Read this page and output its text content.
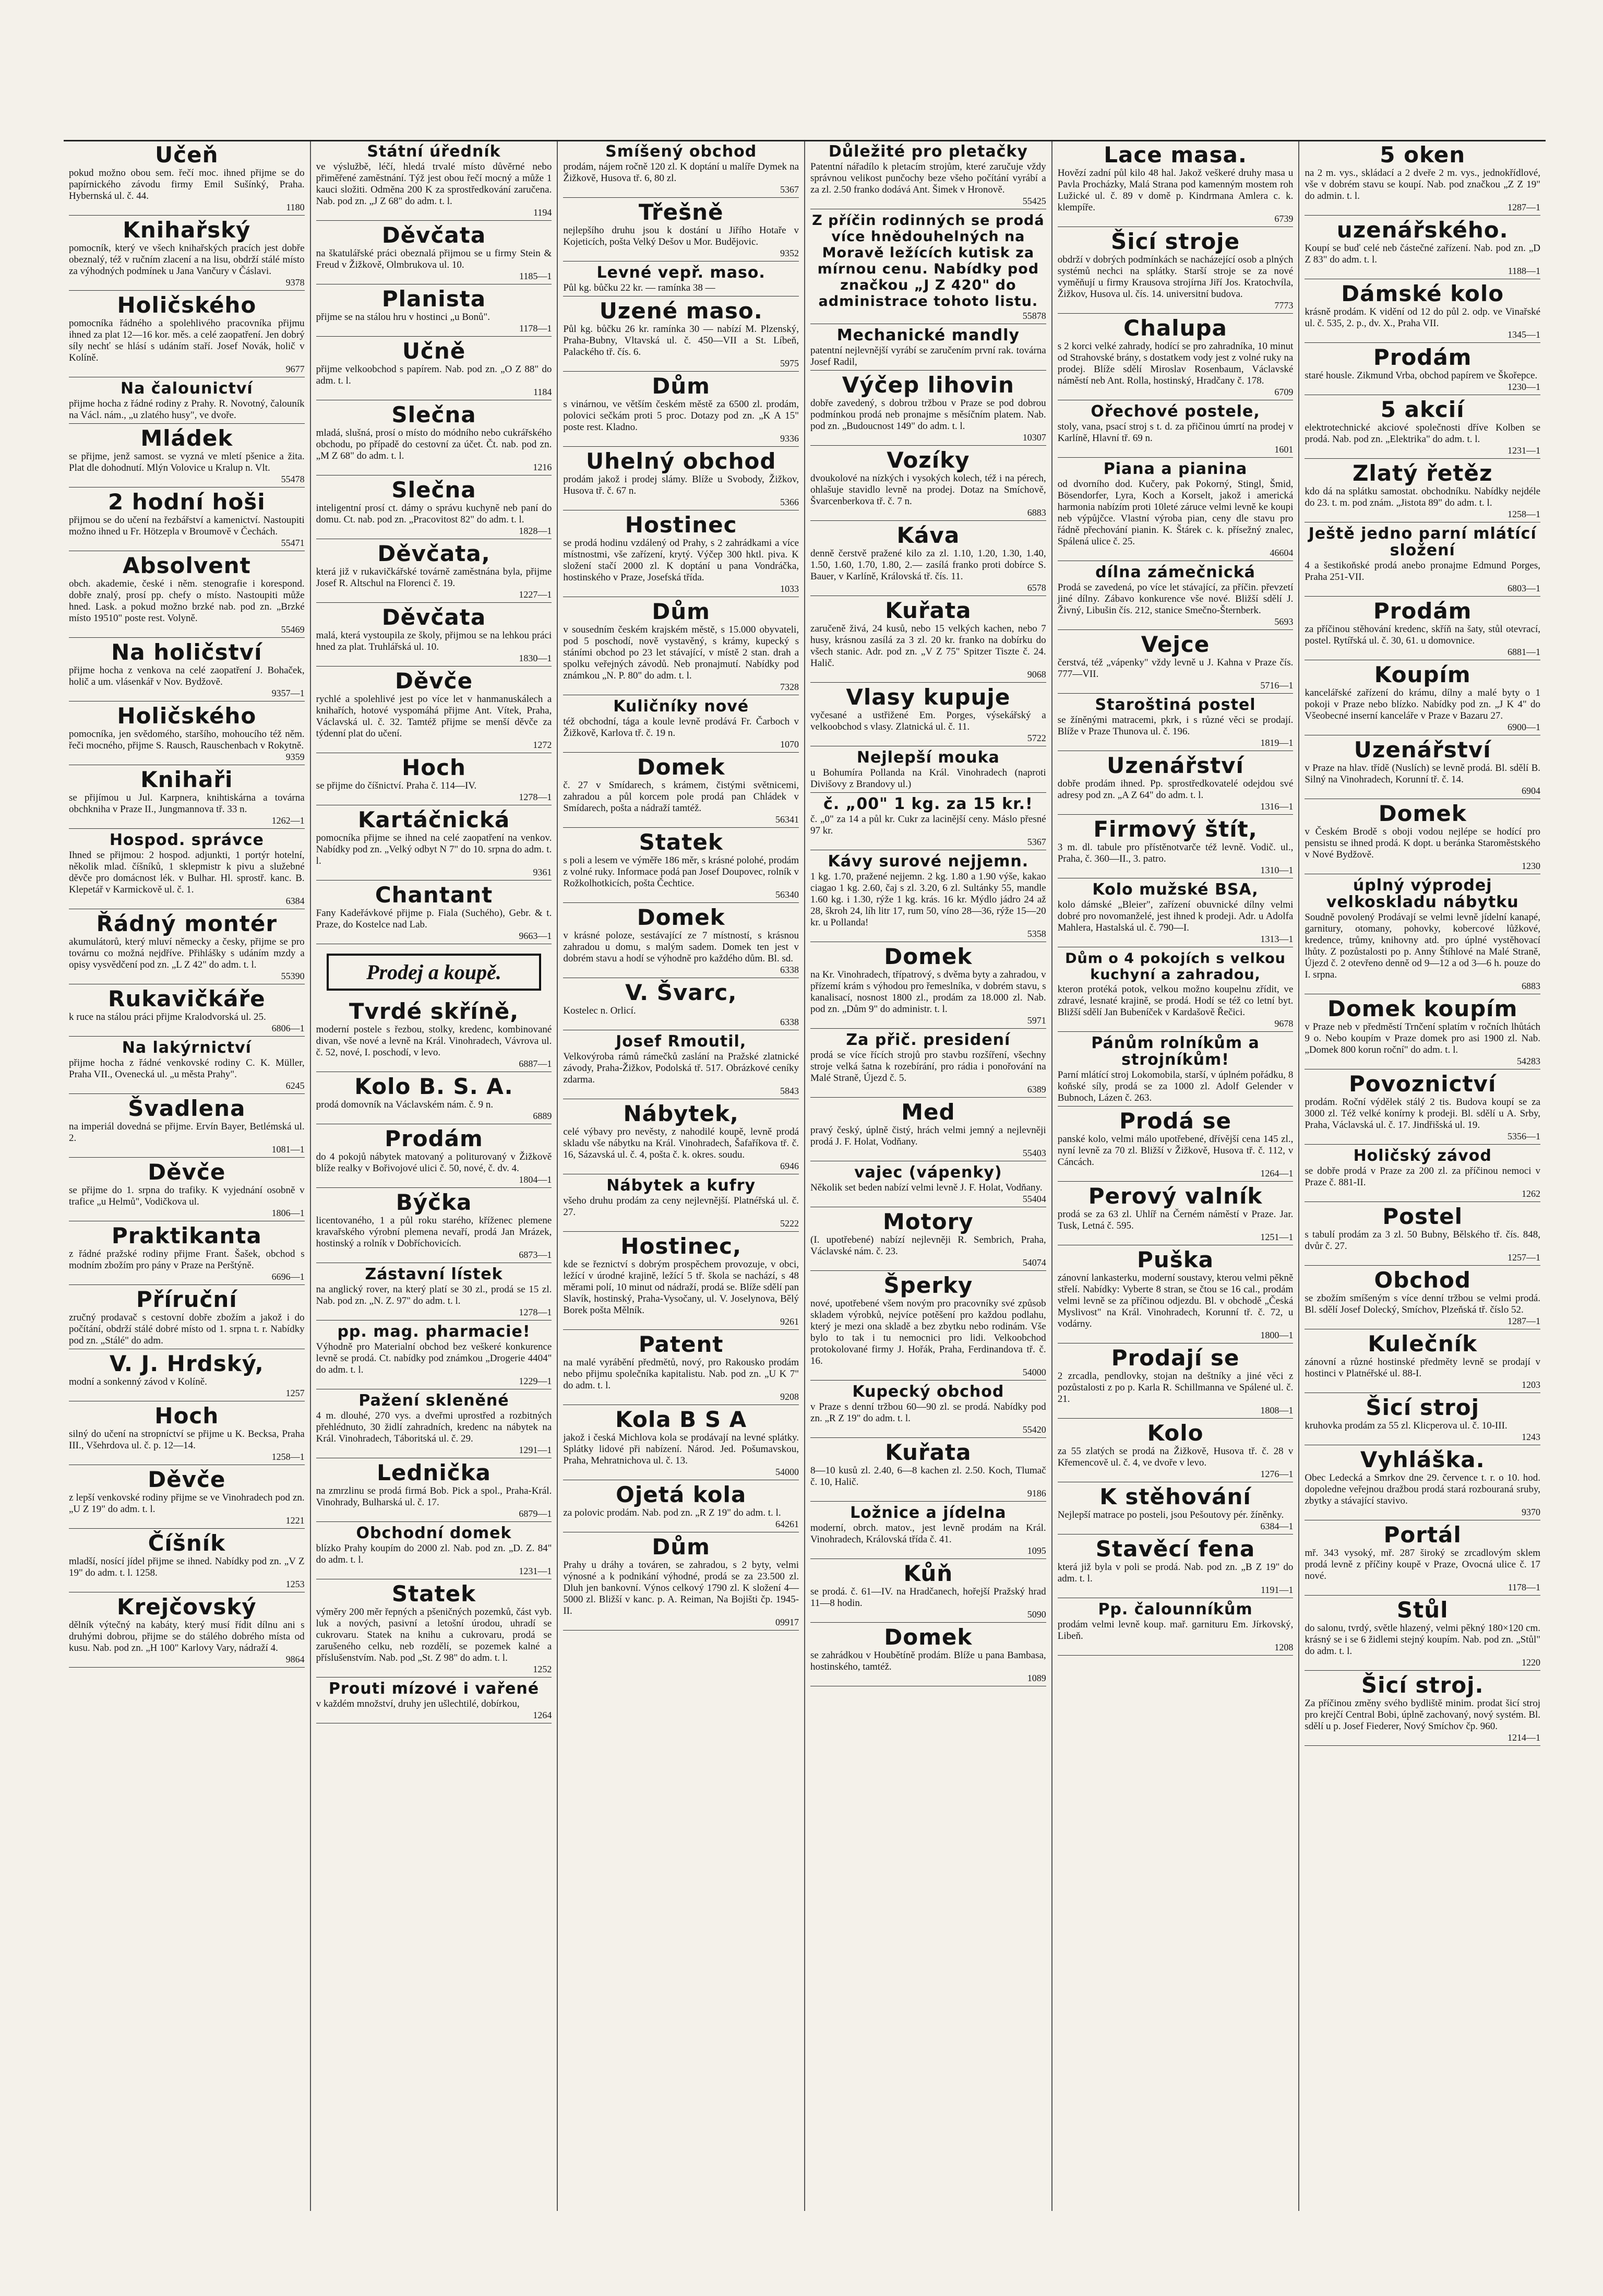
Učeň
pokud možno obou sem. řečí moc. ihned přijme se do papírnického závodu firmy Emil Sušínký, Praha. Hybernská ul. č. 44.
1180
Knihařský
pomocník, který ve všech knihařských pracích jest dobře obeznalý, též v ručním zlacení a na lisu, obdrží stálé místo za výhodných podmínek u Jana Vančury v Čáslavi.
9378
Holičského
pomocníka řádného a spolehlivého pracovníka přijmu ihned za plat 12—16 kor. měs. a celé zaopatření. Jen dobrý síly nechť se hlásí s udáním staří. Josef Novák, holič v Kolíně.
9677
Na čalounictví
přijme hocha z řádné rodiny z Prahy. R. Novotný, čalouník na Václ. nám., „u zlatého husy", ve dvoře.
Mládek
se přijme, jenž samost. se vyzná ve mletí pšenice a žita. Plat dle dohodnutí. Mlýn Volovice u Kralup n. Vlt.
55478
2 hodní hoši
přijmou se do učení na řezbářství a kamenictví. Nastoupiti možno ihned u Fr. Hötzepla v Broumově v Čechách.
55471
Absolvent
obch. akademie, české i něm. stenografie i korespond. dobře znalý, prosí pp. chefy o místo. Nastoupiti může hned. Lask. a pokud možno brzké nab. pod zn. „Brzké místo 19510" poste rest. Volyně.
55469
Na holičství
přijme hocha z venkova na celé zaopatření J. Bohaček, holič a um. vlásenkář v Nov. Bydžově.
9357—1
Holičského
pomocníka, jen svědomého, staršího, mohoucího též něm. řeči mocného, přijme S. Rausch, Rauschenbach v Rokytně.
9359
Knihaři
se přijímou u Jul. Karpnera, knihtiskárna a továrna obchkniha v Praze II., Jungmannova tř. 33 n.
1262—1
Hospod. správce
Ihned se přijmou: 2 hospod. adjunkti, 1 portýr hotelní, několik mlad. číšníků, 1 sklepmistr k pivu a služebné děvče pro domácnost lék. v Bulhar. Hl. sprostř. kanc. B. Klepetář v Karmickově ul. č. 1.
6384
Řádný montér
akumulátorů, který mluví německy a česky, přijme se pro továrnu co možná nejdříve. Přihlášky s udáním mzdy a opisy vysvědčení pod zn. „L Z 42" do adm. t. l.
55390
Rukavičkáře
k ruce na stálou práci přijme Kralodvorská ul. 25.
6806—1
Na lakýrnictví
přijme hocha z řádné venkovské rodiny C. K. Müller, Praha VII., Ovenecká ul. „u města Prahy".
6245
Švadlena
na imperiál dovedná se přijme. Ervín Bayer, Betlémská ul. 2.
1081—1
Děvče
se přijme do 1. srpna do trafiky. K vyjednání osobně v trafice „u Helmů", Vodičkova ul.
1806—1
Praktikanta
z řádné pražské rodiny přijme Frant. Šašek, obchod s modním zbožím pro pány v Praze na Perštýně.
6696—1
Příruční
zručný prodavač s cestovní dobře zbožím a jakož i do počítání, obdrží stálé dobré místo od 1. srpna t. r. Nabídky pod zn. „Stálé" do adm.
V. J. Hrdský,
modní a sonkenný závod v Kolíně.
1257
Hoch
silný do učení na stropníctví se přijme u K. Becksa, Praha III., Všehrdova ul. č. p. 12—14.
1258—1
Děvče
z lepší venkovské rodiny přijme se ve Vinohradech pod zn. „U Z 19" do adm. t. l.
1221
Číšník
mladší, nosící jídel přijme se ihned. Nabídky pod zn. „V Z 19" do adm. t. l. 1258.
1253
Krejčovský
dělník výtečný na kabáty, který musí řídit dílnu ani s druhými dobrou, přijme se do stálého dobrého místa od kusu. Nab. pod zn. „H 100" Karlovy Vary, nádraží 4.
9864
Státní úředník
ve výslužbě, léčí, hledá trvalé místo důvěrné nebo přiměřené zaměstnání. Týž jest obou řečí mocný a může 1 kauci složiti. Odměna 200 K za sprostředkování zaručena. Nab. pod zn. „J Z 68" do adm. t. l.
1194
Děvčata
na škatulářské práci obeznalá přijmou se u firmy Stein & Freud v Žižkově, Olmbrukova ul. 10.
1185—1
Planista
přijme se na stálou hru v hostinci „u Bonů".
1178—1
Učně
přijme velkoobchod s papírem. Nab. pod zn. „O Z 88" do adm. t. l.
1184
Slečna
mladá, slušná, prosí o místo do módního nebo cukrářského obchodu, po případě do cestovní za účet. Čt. nab. pod zn. „M Z 68" do adm. t. l.
1216
Slečna
inteligentní prosí ct. dámy o správu kuchyně neb paní do domu. Ct. nab. pod zn. „Pracovitost 82" do adm. t. l.
1828—1
Děvčata,
která již v rukavičkářské továrně zaměstnána byla, přijme Josef R. Altschul na Florenci č. 19.
1227—1
Děvčata
malá, která vystoupila ze školy, přijmou se na lehkou práci hned za plat. Truhlářská ul. 10.
1830—1
Děvče
rychlé a spolehlivé jest po více let v hanmanuskálech a knihařích, hotové vyspomáhá přijme Ant. Vítek, Praha, Václavská ul. č. 32. Tamtéž přijme se menší děvče za týdenní plat do učení.
1272
Hoch
se přijme do číšnictví. Praha č. 114—IV.
1278—1
Kartáčnická
pomocníka přijme se ihned na celé zaopatření na venkov. Nabídky pod zn. „Velký odbyt N 7" do 10. srpna do adm. t. l.
9361
Chantant
Fany Kadeřávkové přijme p. Fiala (Suchého), Gebr. & t. Praze, do Kostelce nad Lab.
9663—1
Prodej a koupě.
Tvrdé skříně,
moderní postele s řezbou, stolky, kredenc, kombinované divan, vše nové a levně na Král. Vinohradech, Vávrova ul. č. 52, nové, I. poschodí, v levo.
6887—1
Kolo B. S. A.
prodá domovník na Václavském nám. č. 9 n.
6889
Prodám
do 4 pokojů nábytek matovaný a politurovaný v Žižkově blíže realky v Bořivojové ulici č. 50, nové, č. dv. 4.
1804—1
Býčka
licentovaného, 1 a půl roku starého, kříženec plemene kravařského výrobní plemena nevaří, prodá Jan Mrázek, hostinský a rolník v Dobříchovicích.
6873—1
Zástavní lístek
na anglický rover, na který platí se 30 zl., prodá se 15 zl. Nab. pod zn. „N. Z. 97" do adm. t. l.
1278—1
pp. mag. pharmacie!
Výhodně pro Materialní obchod bez veškeré konkurence levně se prodá. Ct. nabídky pod známkou „Drogerie 4404" do adm. t. l.
1229—1
Pažení skleněné
4 m. dlouhé, 270 vys. a dveřmi uprostřed a rozbitných přehlédnuto, 30 židlí zahradních, kredenc na nábytek na Král. Vinohradech, Táboritská ul. č. 29.
1291—1
Lednička
na zmrzlinu se prodá firmá Bob. Pick a spol., Praha-Král. Vinohrady, Bulharská ul. č. 17.
6879—1
Obchodní domek
blízko Prahy koupím do 2000 zl. Nab. pod zn. „D. Z. 84" do adm. t. l.
1231—1
Statek
výměry 200 měr řepných a pšeničných pozemků, část vyb. luk a nových, pasivní a letošní úrodou, uhradí se cukrovaru. Statek na knihu a cukrovaru, prodá se zarušeného celku, neb rozdělí, se pozemek kalné a příslušenstvím. Nab. pod „St. Z 98" do adm. t. l.
1252
Prouti mízové i vařené
v každém množství, druhy jen ušlechtilé, dobírkou,
1264
Smíšený obchod
prodám, nájem ročně 120 zl. K doptání u malíře Dymek na Žižkově, Husova tř. 6, 80 zl.
5367
Třešně
nejlepšího druhu jsou k dostání u Jiřího Hotaře v Kojeticích, pošta Velký Dešov u Mor. Budějovic.
9352
Levné vepř. maso.
Půl kg. bůčku 22 kr. — ramínka 38 —
Uzené maso.
Půl kg. bůčku 26 kr. ramínka 30 — nabízí M. Plzenský, Praha-Bubny, Vltavská ul. č. 450—VII a St. Líbeň, Palackého tř. čís. 6.
5975
Dům
s vinárnou, ve větším českém městě za 6500 zl. prodám, polovici sečkám proti 5 proc. Dotazy pod zn. „K A 15" poste rest. Kladno.
9336
Uhelný obchod
prodám jakož i prodej slámy. Blíže u Svobody, Žižkov, Husova tř. č. 67 n.
5366
Hostinec
se prodá hodinu vzdálený od Prahy, s 2 zahrádkami a více místnostmi, vše zařízení, krytý. Výčep 300 hktl. piva. K složení stačí 2000 zl. K doptání u pana Vondráčka, hostinského v Praze, Josefská třída.
1033
Dům
v sousedním českém krajském městě, s 15.000 obyvateli, pod 5 poschodí, nově vystavěný, s krámy, kupecký s stáními obchod po 23 let stávající, v místě 2 stan. drah a spolku veřejných závodů. Neb pronajmutí. Nabídky pod známkou „N. P. 80" do adm. t. l.
7328
Kuličníky nové
též obchodní, tága a koule levně prodává Fr. Čarboch v Žižkově, Karlova tř. č. 19 n.
1070
Domek
č. 27 v Smídarech, s krámem, čistými světnicemi, zahradou a půl korcem pole prodá pan Chládek v Smídarech, pošta a nádraží tamtéž.
56341
Statek
s poli a lesem ve výměře 186 měr, s krásné polohé, prodám z volné ruky. Informace podá pan Josef Doupovec, rolník v Rožkolhotkicích, pošta Čechtice.
56340
Domek
v krásné poloze, sestávající ze 7 místností, s krásnou zahradou u domu, s malým sadem. Domek ten jest v dobrém stavu a hodí se výhodně pro každého dům. Bl. sd.
6338
V. Švarc,
Kostelec n. Orlicí.
6338
Josef Rmoutil,
Velkovýroba rámů rámečků zaslání na Pražské zlatnické závody, Praha-Žižkov, Podolská tř. 517. Obrázkové ceníky zdarma.
5843
Nábytek,
celé výbavy pro nevěsty, z nahodilé koupě, levně prodá skladu vše nábytku na Král. Vinohradech, Šafaříkova tř. č. 16, Sázavská ul. č. 4, pošta č. k. okres. soudu.
6946
Nábytek a kufry
všeho druhu prodám za ceny nejlevnější. Platnéřská ul. č. 27.
5222
Hostinec,
kde se řeznictví s dobrým prospěchem provozuje, v obci, ležící v úrodné krajině, ležící 5 tř. škola se nachází, s 48 měrami polí, 10 minut od nádraží, prodá se. Blíže sdělí pan Slavík, hostinský, Praha-Vysočany, ul. V. Joselynova, Bělý Borek pošta Mělník.
9261
Patent
na malé vyrábění předmětů, nový, pro Rakousko prodám nebo přijmu společníka kapitalistu. Nab. pod zn. „U K 7" do adm. t. l.
9208
Kola B S A
jakož i česká Michlova kola se prodávají na levné splátky. Splátky lidové při nabízení. Národ. Jed. Pošumavskou, Praha, Mehratnichova ul. č. 13.
54000
Ojetá kola
za polovic prodám. Nab. pod zn. „R Z 19" do adm. t. l.
64261
Dům
Prahy u dráhy a továren, se zahradou, s 2 byty, velmi výnosné a k podnikání výhodné, prodá se za 23.500 zl. Dluh jen bankovní. Výnos celkový 1790 zl. K složení 4—5000 zl. Bližší v kanc. p. A. Reiman, Na Bojišti čp. 1945-II.
09917
Důležité pro pletačky
Patentní nářadílo k pletacím strojům, které zaručuje vždy správnou velikost punčochy beze všeho počítání vyrábí a za zl. 2.50 franko dodává Ant. Šimek v Hronově.
55425
Z příčin rodinných se prodá více hnědouhelných na Moravě ležících kutisk za mírnou cenu. Nabídky pod značkou „J Z 420" do administrace tohoto listu.
55878
Mechanické mandly
patentní nejlevnější vyrábí se zaručením první rak. továrna Josef Radil,
Výčep lihovin
dobře zavedený, s dobrou tržbou v Praze se pod dobrou podmínkou prodá neb pronajme s měsíčním platem. Nab. pod zn. „Budoucnost 149" do adm. t. l.
10307
Vozíky
dvoukolové na nízkých i vysokých kolech, též i na pérech, ohlašuje stavidlo levně na prodej. Dotaz na Smíchově, Švarcenberkova tř. č. 7 n.
6883
Káva
denně čerstvě pražené kilo za zl. 1.10, 1.20, 1.30, 1.40, 1.50, 1.60, 1.70, 1.80, 2.— zasílá franko proti dobírce S. Bauer, v Karlíně, Královská tř. čís. 11.
6578
Kuřata
zaručeně živá, 24 kusů, nebo 15 velkých kachen, nebo 7 husy, krásnou zasílá za 3 zl. 20 kr. franko na dobírku do všech stanic. Adr. pod zn. „V Z 75" Spitzer Tiszte č. 24. Halič.
9068
Vlasy kupuje
vyčesané a ustřižené Em. Porges, výsekářský a velkoobchod s vlasy. Zlatnická ul. č. 11.
5722
Nejlepší mouka
u Bohumíra Pollanda na Král. Vinohradech (naproti Divišovy z Brandovy ul.)
č. „00" 1 kg. za 15 kr.!
č. „0" za 14 a půl kr. Cukr za lacinější ceny. Máslo přesné 97 kr.
5367
Kávy surové nejjemn.
1 kg. 1.70, pražené nejjemn. 2 kg. 1.80 a 1.90 výše, kakao ciagao 1 kg. 2.60, čaj s zl. 3.20, 6 zl. Sultánky 55, mandle 1.60 kg. i 1.30, rýže 1 kg. krás. 16 kr. Mýdlo jádro 24 až 28, škroh 24, líh litr 17, rum 50, víno 28—36, rýže 15—20 kr. u Pollanda!
5358
Domek
na Kr. Vinohradech, třípatrový, s dvěma byty a zahradou, v přízemí krám s výhodou pro řemeslníka, v dobrém stavu, s kanalisací, nosnost 1800 zl., prodám za 18.000 zl. Nab. pod zn. „Dům 9" do administr. t. l.
5971
Za přič. presidení
prodá se více řících strojů pro stavbu rozšíření, všechny stroje velká šatna k rozebírání, pro rádia i ponořování na Malé Straně, Újezd č. 5.
6389
Med
pravý český, úplně čistý, hrách velmi jemný a nejlevněji prodá J. F. Holat, Vodňany.
55403
vajec (vápenky)
Několik set beden nabízí velmi levně J. F. Holat, Vodňany.
55404
Motory
(I. upotřebené) nabízí nejlevněji R. Sembrich, Praha, Václavské nám. č. 23.
54074
Šperky
nové, upotřebené všem novým pro pracovníky své způsob skladem výrobků, nejvíce potěšení pro každou podlahu, který je mezi ona skladě a bez zbytku nebo rodinám. Vše bylo to tak i tu nemocnici pro lidi. Velkoobchod protokolované firmy J. Hořák, Praha, Ferdinandova tř. č. 16.
54000
Kupecký obchod
v Praze s denní tržbou 60—90 zl. se prodá. Nabídky pod zn. „R Z 19" do adm. t. l.
55420
Kuřata
8—10 kusů zl. 2.40, 6—8 kachen zl. 2.50. Koch, Tlumač č. 10, Halič.
9186
Ložnice a jídelna
moderní, obrch. matov., jest levně prodám na Král. Vinohradech, Královská třída č. 41.
1095
Kůň
se prodá. č. 61—IV. na Hradčanech, hořejší Pražský hrad 11—8 hodin.
5090
Domek
se zahrádkou v Houbětíně prodám. Blíže u pana Bambasa, hostinského, tamtéž.
1089
Lace masa.
Hovězí zadní půl kilo 48 hal. Jakož veškeré druhy masa u Pavla Procházky, Malá Strana pod kamenným mostem roh Lužické ul. č. 89 v domě p. Kindrmana Amlera c. k. klempíře.
6739
Šicí stroje
obdrží v dobrých podmínkách se nacházející osob a plných systémů nechci na splátky. Starší stroje se za nové vyměňují u firmy Krausova strojírna Jiří Jos. Kratochvíla, Žižkov, Husova ul. čís. 14. universitní budova.
7773
Chalupa
s 2 korci velké zahrady, hodící se pro zahradníka, 10 minut od Strahovské brány, s dostatkem vody jest z volné ruky na prodej. Blíže sdělí Miroslav Rosenbaum, Václavské náměstí neb Ant. Rolla, hostinský, Hradčany č. 178.
6709
Ořechové postele,
stoly, vana, psací stroj s t. d. za přičinou úmrtí na prodej v Karlíně, Hlavní tř. 69 n.
1601
Piana a pianina
od dvorního dod. Kučery, pak Pokorný, Stingl, Šmid, Bösendorfer, Lyra, Koch a Korselt, jakož i americká harmonia nabízím proti 10leté záruce velmi levně ke koupi neb výpůjčce. Vlastní výroba pian, ceny dle stavu pro řádně přechování pianin. K. Štárek c. k. přísežný znalec, Spálená ulice č. 25.
46604
dílna zámečnická
Prodá se zavedená, po více let stávající, za příčin. převzetí jiné dílny. Zábavo konkurence vše nové. Bližší sdělí J. Živný, Libušin čís. 212, stanice Smečno-Šternberk.
5693
Vejce
čerstvá, též „vápenky" vždy levně u J. Kahna v Praze čís. 777—VII.
5716—1
Staroštiná postel
se žíněnými matracemi, pkrk, i s různé věci se prodají. Blíže v Praze Thunova ul. č. 196.
1819—1
Uzenářství
dobře prodám ihned. Pp. sprostředkovatelé odejdou své adresy pod zn. „A Z 64" do adm. t. l.
1316—1
Firmový štít,
3 m. dl. tabule pro přístěnotvarče též levně. Vodič. ul., Praha, č. 360—II., 3. patro.
1310—1
Kolo mužské BSA,
kolo dámské „Bleier", zařízení obuvnické dílny velmi dobré pro novomanželé, jest ihned k prodeji. Adr. u Adolfa Mahlera, Hastalská ul. č. 790—I.
1313—1
Dům o 4 pokojích s velkou kuchyní a zahradou,
kteron protéká potok, velkou možno koupelnu zřídit, ve zdravé, lesnaté krajině, se prodá. Hodí se též co letní byt. Bližší sdělí Jan Bubeníček v Kardašově Řečici.
9678
Pánům rolníkům a strojníkům!
Parní mlátící stroj Lokomobila, starší, v úplném pořádku, 8 koňské síly, prodá se za 1000 zl. Adolf Gelender v Bubnoch, Lázen č. 263.
Prodá se
panské kolo, velmi málo upotřebené, dřívější cena 145 zl., nyní levně za 70 zl. Bližší v Žižkově, Husova tř. č. 112, v Cáncách.
1264—1
Perový valník
prodá se za 63 zl. Uhlíř na Černém náměstí v Praze. Jar. Tusk, Letná č. 595.
1251—1
Puška
zánovní lankasterku, moderní soustavy, kterou velmi pěkně střelí. Nabídky: Vyberte 8 stran, se čtou se 16 cal., prodám velmi levně se za příčinou odjezdu. Bl. v obchodě „Česká Myslivost" na Král. Vinohradech, Korunní tř. č. 72, u vodárny.
1800—1
Prodají se
2 zrcadla, pendlovky, stojan na deštníky a jiné věci z pozůstalosti z po p. Karla R. Schillmanna ve Spálené ul. č. 21.
1808—1
Kolo
za 55 zlatých se prodá na Žižkově, Husova tř. č. 28 v Křemencově ul. č. 4, ve dvoře v levo.
1276—1
K stěhování
Nejlepší matrace po posteli, jsou Pešoutovy pér. žíněnky.
6384—1
Stavěcí fena
která již byla v poli se prodá. Nab. pod zn. „B Z 19" do adm. t. l.
1191—1
Pp. čalounníkům
prodám velmi levně koup. mař. garnituru Em. Jírkovský, Libeň.
1208
5 oken
na 2 m. vys., skládací a 2 dveře 2 m. vys., jednokřídlové, vše v dobrém stavu se koupí. Nab. pod značkou „Z Z 19" do admin. t. l.
1287—1
uzenářského.
Koupí se buď celé neb částečné zařízení. Nab. pod zn. „D Z 83" do adm. t. l.
1188—1
Dámské kolo
krásně prodám. K vidění od 12 do půl 2. odp. ve Vinařské ul. č. 535, 2. p., dv. X., Praha VII.
1345—1
Prodám
staré housle. Zikmund Vrba, obchod papírem ve Škořepce.
1230—1
5 akcií
elektrotechnické akciové společnosti dříve Kolben se prodá. Nab. pod zn. „Elektrika" do adm. t. l.
1231—1
Zlatý řetěz
kdo dá na splátku samostat. obchodníku. Nabídky nejdéle do 23. t. m. pod znám. „Jistota 89" do adm. t. l.
1258—1
Ještě jedno parní mlátící složení
4 a šestikoňské prodá anebo pronajme Edmund Porges, Praha 251-VII.
6803—1
Prodám
za příčinou stěhování kredenc, skříň na šaty, stůl otevrací, postel. Rytířská ul. č. 30, 61. u domovnice.
6881—1
Koupím
kancelářské zařízení do krámu, dílny a malé byty o 1 pokoji v Praze nebo blízko. Nabídky pod zn. „J K 4" do Všeobecné inserní kanceláře v Praze v Bazaru 27.
6900—1
Uzenářství
v Praze na hlav. třídě (Nuslích) se levně prodá. Bl. sdělí B. Silný na Vinohradech, Korunní tř. č. 14.
6904
Domek
v Českém Brodě s oboji vodou nejlépe se hodící pro pensistu se ihned prodá. K dopt. u beránka Staroměstského v Nové Bydžově.
1230
úplný výprodej velkoskladu nábytku
Soudně povolený Prodávají se velmi levně jídelní kanapé, garnitury, otomany, pohovky, kobercové lůžkové, kredence, trůmy, knihovny atd. pro úplné vystěhovací lhůty. Z pozůstalosti po p. Anny Štíhlové na Malé Straně, Újezd č. 2 otevřeno denně od 9—12 a od 3—6 h. pouze do I. srpna.
6883
Domek koupím
v Praze neb v předměstí Trnčení splatím v ročních lhůtách 9 o. Nebo koupím v Praze domek pro asi 1900 zl. Nab. „Domek 800 korun roční" do adm. t. l.
54283
Povoznictví
prodám. Roční výdělek stálý 2 tis. Budova koupí se za 3000 zl. Též velké konírny k prodeji. Bl. sdělí u A. Srby, Praha, Václavská ul. č. 17. Jindřišská ul. 19.
5356—1
Holičský závod
se dobře prodá v Praze za 200 zl. za příčinou nemoci v Praze č. 881-II.
1262
Postel
s tabulí prodám za 3 zl. 50 Bubny, Bělského tř. čís. 848, dvůr č. 27.
1257—1
Obchod
se zbožím smíšeným s více denní tržbou se velmi prodá. Bl. sdělí Josef Dolecký, Smíchov, Plzeňská tř. číslo 52.
1287—1
Kulečník
zánovní a různé hostinské předměty levně se prodají v hostinci v Platnéřské ul. 88-I.
1203
Šicí stroj
kruhovka prodám za 55 zl. Klicperova ul. č. 10-III.
1243
Vyhláška.
Obec Ledecká a Smrkov dne 29. července t. r. o 10. hod. dopoledne veřejnou dražbou prodá stará rozbouraná sruby, zbytky a stávající stavivo.
9370
Portál
mř. 343 vysoký, mř. 287 široký se zrcadlovým sklem prodá levně z příčiny koupě v Praze, Ovocná ulice č. 17 nové.
1178—1
Stůl
do salonu, tvrdý, světle hlazený, velmi pěkný 180×120 cm. krásný se i se 6 židlemi stejný koupím. Nab. pod zn. „Stůl" do adm. t. l.
1220
Šicí stroj.
Za příčinou změny svého bydliště minim. prodat šicí stroj pro krejčí Central Bobi, úplně zachovaný, nový systém. Bl. sdělí u p. Josef Fiederer, Nový Smíchov čp. 960.
1214—1
